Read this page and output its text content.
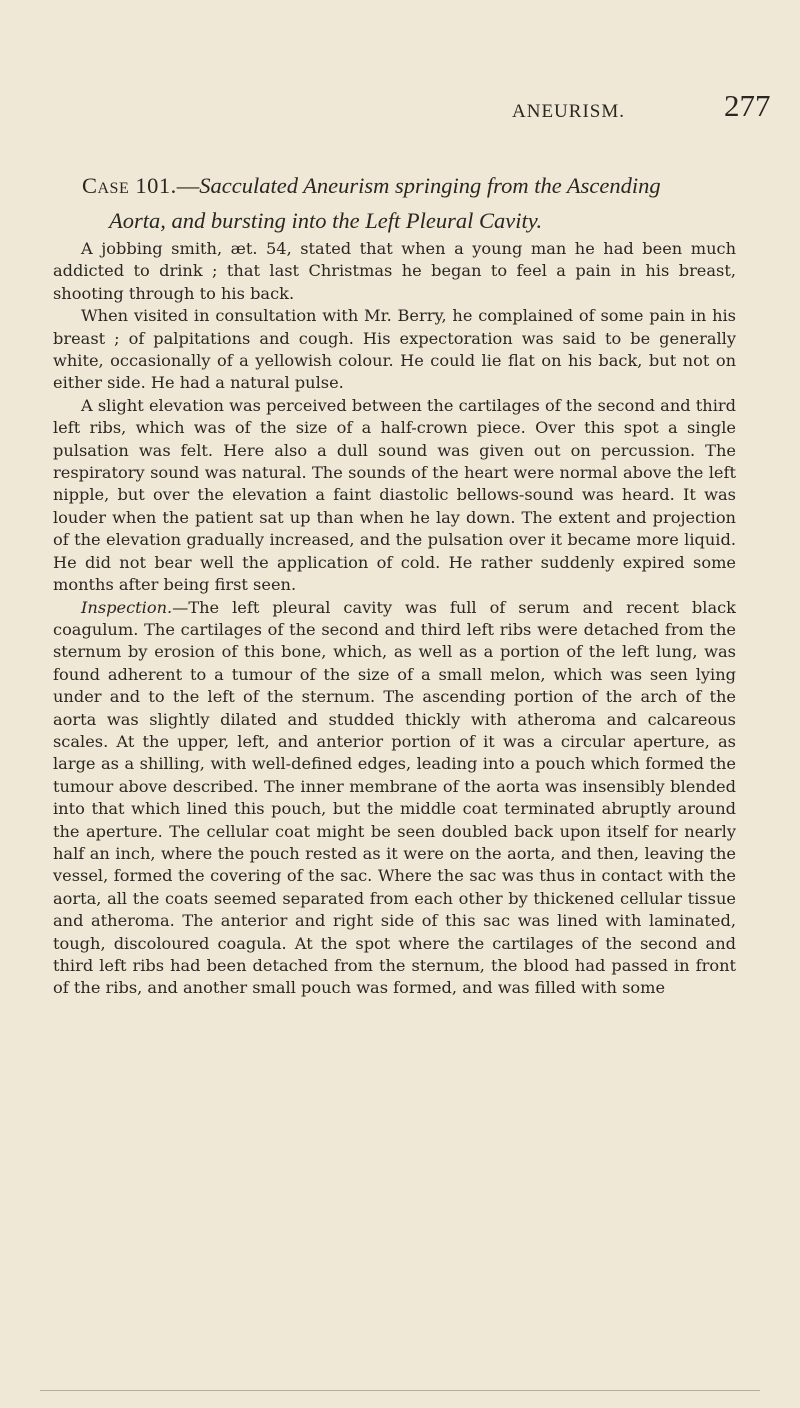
ANEURISM.	277
Case 101.—Sacculated Aneurism springing from the Ascending
Aorta, and bursting into the Left Pleural Cavity.

A jobbing smith, æt. 54, stated that when a young man he had been much addicted to drink ; that last Christmas he began to feel a pain in his breast, shooting through to his back.

When visited in consultation with Mr. Berry, he complained of some pain in his breast ; of palpitations and cough. His expectoration was said to be generally white, occasionally of a yellowish colour. He could lie flat on his back, but not on either side. He had a natural pulse.

A slight elevation was perceived between the cartilages of the second and third left ribs, which was of the size of a half-crown piece. Over this spot a single pulsation was felt. Here also a dull sound was given out on percussion. The respiratory sound was natural. The sounds of the heart were normal above the left nipple, but over the elevation a faint diastolic bellows-sound was heard. It was louder when the patient sat up than when he lay down. The extent and projection of the elevation gradually increased, and the pulsation over it became more liquid. He did not bear well the application of cold. He rather suddenly expired some months after being first seen.

Inspection.—The left pleural cavity was full of serum and recent black coagulum. The cartilages of the second and third left ribs were detached from the sternum by erosion of this bone, which, as well as a portion of the left lung, was found adherent to a tumour of the size of a small melon, which was seen lying under and to the left of the sternum. The ascending portion of the arch of the aorta was slightly dilated and studded thickly with atheroma and calcareous scales. At the upper, left, and anterior portion of it was a circular aperture, as large as a shilling, with well-defined edges, leading into a pouch which formed the tumour above described. The inner membrane of the aorta was insensibly blended into that which lined this pouch, but the middle coat terminated abruptly around the aperture. The cellular coat might be seen doubled back upon itself for nearly half an inch, where the pouch rested as it were on the aorta, and then, leaving the vessel, formed the covering of the sac. Where the sac was thus in contact with the aorta, all the coats seemed separated from each other by thickened cellular tissue and atheroma. The anterior and right side of this sac was lined with laminated, tough, discoloured coagula. At the spot where the cartilages of the second and third left ribs had been detached from the sternum, the blood had passed in front of the ribs, and another small pouch was formed, and was filled with some
